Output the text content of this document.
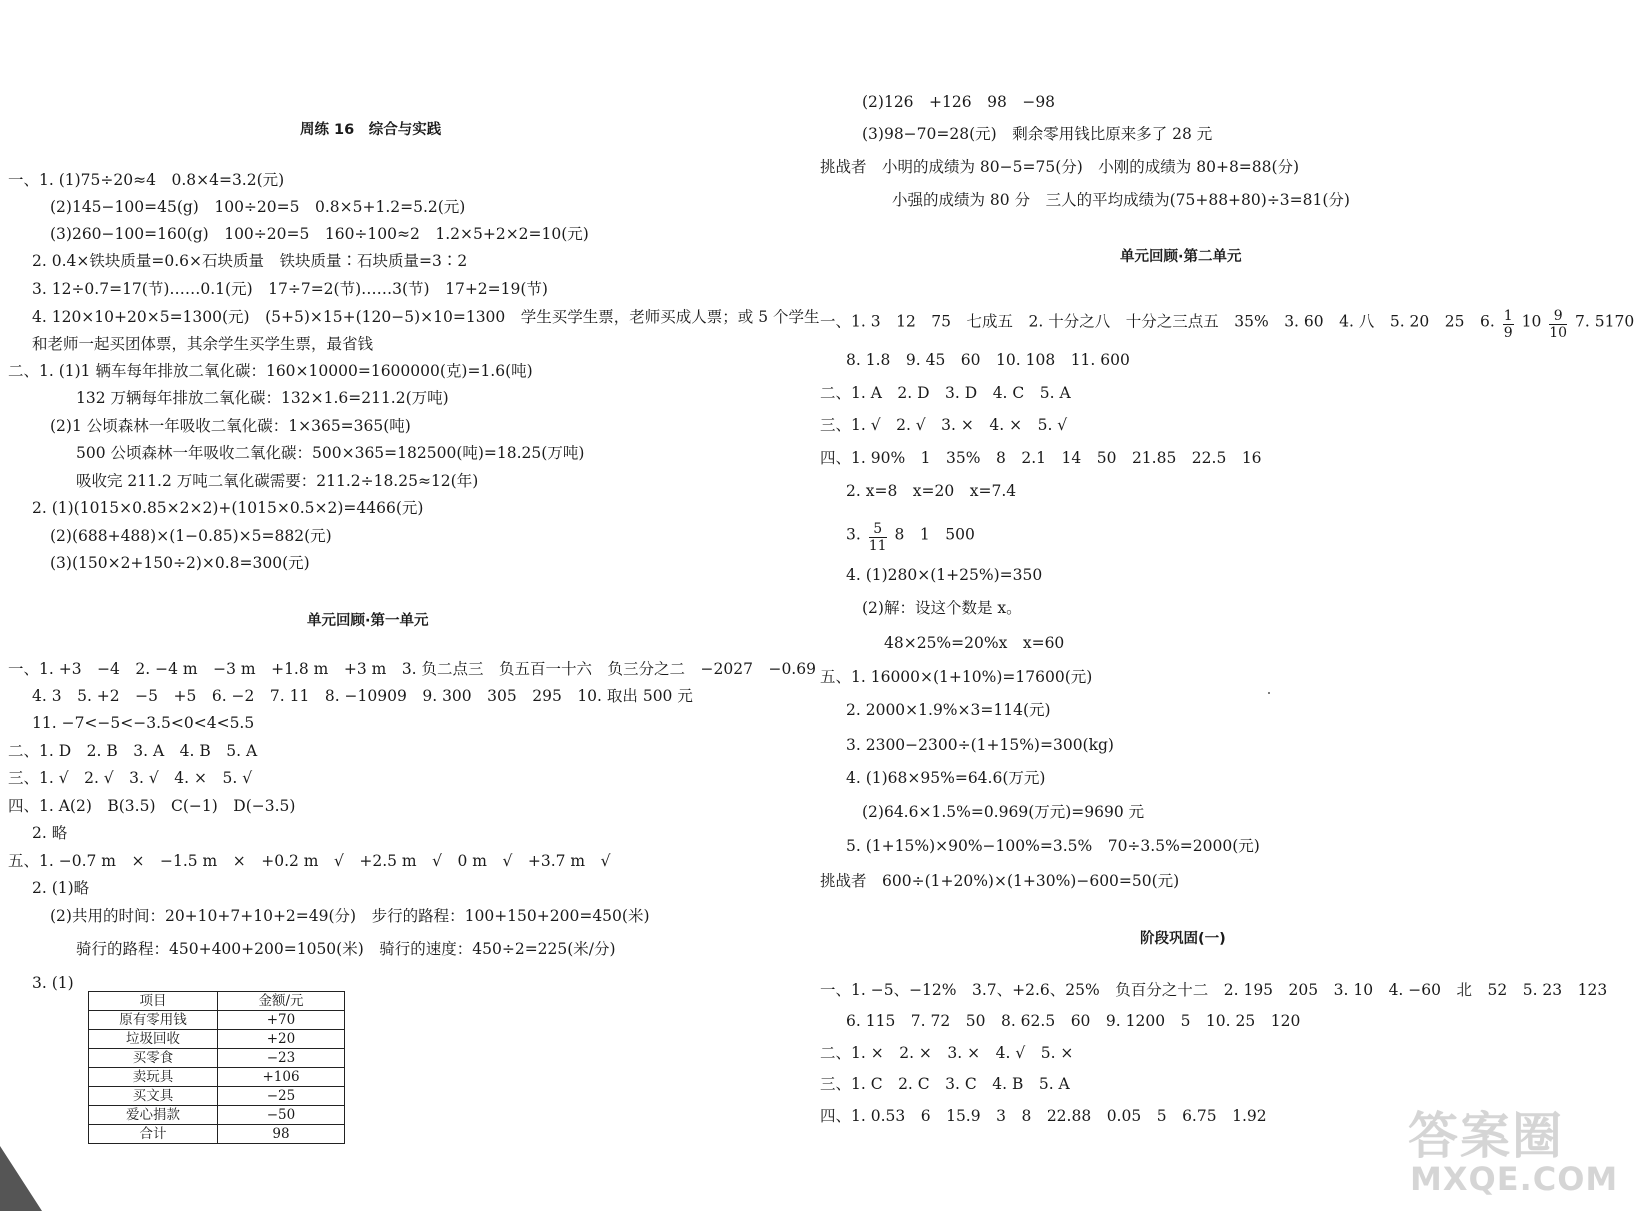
周练 16　综合与实践
一、1. (1)75÷20≈4　0.8×4=3.2(元)
(2)145−100=45(g)　100÷20=5　0.8×5+1.2=5.2(元)
(3)260−100=160(g)　100÷20=5　160÷100≈2　1.2×5+2×2=10(元)
2. 0.4×铁块质量=0.6×石块质量　铁块质量∶石块质量=3∶2
3. 12÷0.7=17(节)……0.1(元)　17÷7=2(节)……3(节)　17+2=19(节)
4. 120×10+20×5=1300(元)　(5+5)×15+(120−5)×10=1300　学生买学生票，老师买成人票；或 5 个学生
和老师一起买团体票，其余学生买学生票，最省钱
二、1. (1)1 辆车每年排放二氧化碳：160×10000=1600000(克)=1.6(吨)
132 万辆每年排放二氧化碳：132×1.6=211.2(万吨)
(2)1 公顷森林一年吸收二氧化碳：1×365=365(吨)
500 公顷森林一年吸收二氧化碳：500×365=182500(吨)=18.25(万吨)
吸收完 211.2 万吨二氧化碳需要：211.2÷18.25≈12(年)
2. (1)(1015×0.85×2×2)+(1015×0.5×2)=4466(元)
(2)(688+488)×(1−0.85)×5=882(元)
(3)(150×2+150÷2)×0.8=300(元)
单元回顾·第一单元
一、1. +3　−4　2. −4 m　−3 m　+1.8 m　+3 m　3. 负二点三　负五百一十六　负三分之二　−2027　−0.69
4. 3　5. +2　−5　+5　6. −2　7. 11　8. −10909　9. 300　305　295　10. 取出 500 元
11. −7<−5<−3.5<0<4<5.5
二、1. D　2. B　3. A　4. B　5. A
三、1. √　2. √　3. √　4. ×　5. √
四、1. A(2)　B(3.5)　C(−1)　D(−3.5)
2. 略
五、1. −0.7 m　×　−1.5 m　×　+0.2 m　√　+2.5 m　√　0 m　√　+3.7 m　√
2. (1)略
(2)共用的时间：20+10+7+10+2=49(分)　步行的路程：100+150+200=450(米)
骑行的路程：450+400+200=1050(米)　骑行的速度：450÷2=225(米/分)
3. (1)
项目	金额/元
原有零用钱	+70
垃圾回收	+20
买零食	−23
卖玩具	+106
买文具	−25
爱心捐款	−50
合计	98
(2)126　+126　98　−98
(3)98−70=28(元)　剩余零用钱比原来多了 28 元
挑战者　小明的成绩为 80−5=75(分)　小刚的成绩为 80+8=88(分)
小强的成绩为 80 分　三人的平均成绩为(75+88+80)÷3=81(分)
单元回顾·第二单元
一、1. 3　12　75　七成五　2. 十分之八　十分之三点五　35%　3. 60　4. 八　5. 20　25　6. $\frac{1}{9} 10 \frac{9}{10} 7$. 5170
8. 1.8　9. 45　60　10. 108　11. 600
二、1. A　2. D　3. D　4. C　5. A
三、1. √　2. √　3. ×　4. ×　5. √
四、1. 90%　1　35%　8　2.1　14　50　21.85　22.5　16
2. x=8　x=20　x=7.4
3. $\frac{5}{11} 8$　1　500
4. (1)280×(1+25%)=350
(2)解：设这个数是 x。
48×25%=20%x　x=60
五、1. 16000×(1+10%)=17600(元)
2. 2000×1.9%×3=114(元)
3. 2300−2300÷(1+15%)=300(kg)
4. (1)68×95%=64.6(万元)
(2)64.6×1.5%=0.969(万元)=9690 元
5. (1+15%)×90%−100%=3.5%　70÷3.5%=2000(元)
挑战者　600÷(1+20%)×(1+30%)−600=50(元)
阶段巩固(一)
一、1. −5、−12%　3.7、+2.6、25%　负百分之十二　2. 195　205　3. 10　4. −60　北　52　5. 23　123
6. 115　7. 72　50　8. 62.5　60　9. 1200　5　10. 25　120
二、1. ×　2. ×　3. ×　4. √　5. ×
三、1. C　2. C　3. C　4. B　5. A
四、1. 0.53　6　15.9　3　8　22.88　0.05　5　6.75　1.92	答案圈
MXQE.COM
